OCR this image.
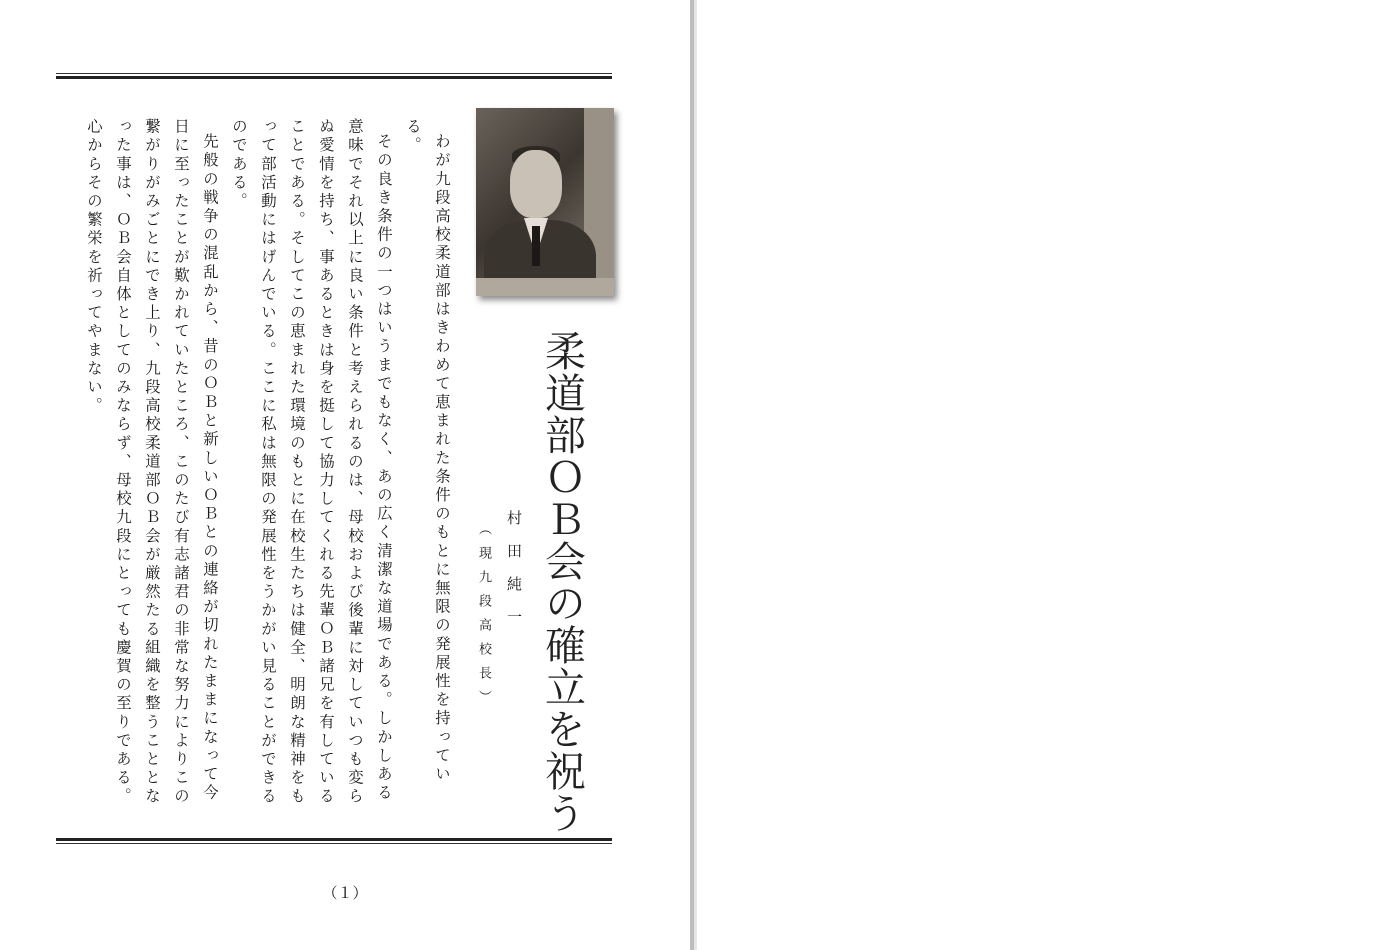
柔道部ＯＢ会の確立を祝う
村田純一
（現九段高校長）

わが九段高校柔道部はきわめて恵まれた条件のもとに無限の発展性を持っている。

その良き条件の一つはいうまでもなく、あの広く清潔な道場である。しかしある意味でそれ以上に良い条件と考えられるのは、母校および後輩に対していつも変らぬ愛情を持ち、事あるときは身を挺して協力してくれる先輩ＯＢ諸兄を有していることである。そしてこの恵まれた環境のもとに在校生たちは健全、明朗な精神をもって部活動にはげんでいる。ここに私は無限の発展性をうかがい見ることができるのである。

先般の戦争の混乱から、昔のＯＢと新しいＯＢとの連絡が切れたままになって今日に至ったことが歎かれていたところ、このたび有志諸君の非常な努力によりこの繋がりがみごとにでき上り、九段高校柔道部ＯＢ会が厳然たる組織を整うこととなった事は、ＯＢ会自体としてのみならず、母校九段にとっても慶賀の至りである。心からその繁栄を祈ってやまない。

（１）
